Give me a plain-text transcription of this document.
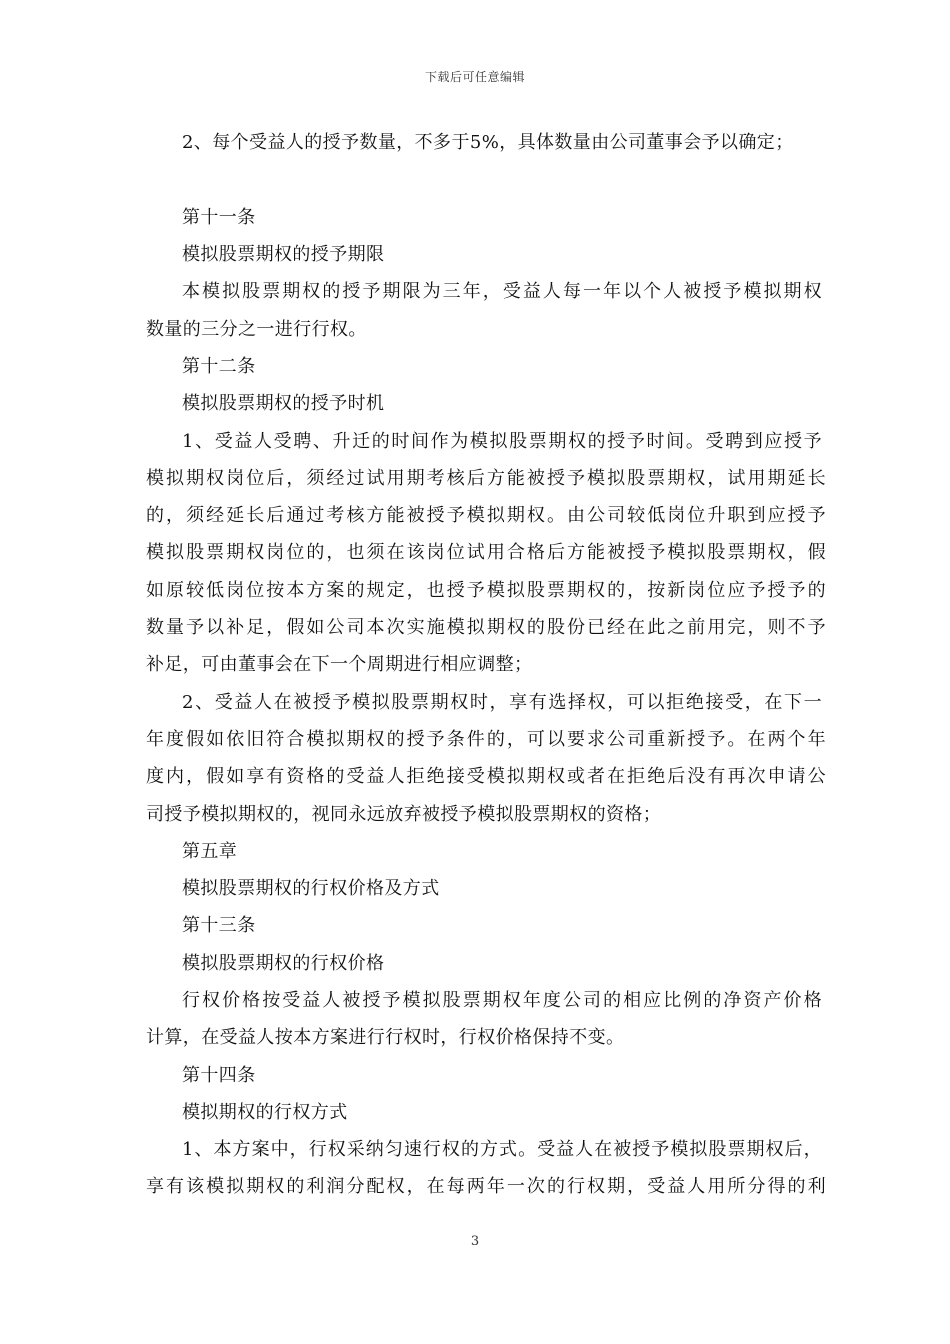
下载后可任意编辑
2、每个受益人的授予数量，不多于5%，具体数量由公司董事会予以确定；
第十一条
模拟股票期权的授予期限
本模拟股票期权的授予期限为三年，受益人每一年以个人被授予模拟期权
数量的三分之一进行行权。
第十二条
模拟股票期权的授予时机
1、受益人受聘、升迁的时间作为模拟股票期权的授予时间。受聘到应授予
模拟期权岗位后，须经过试用期考核后方能被授予模拟股票期权，试用期延长
的，须经延长后通过考核方能被授予模拟期权。由公司较低岗位升职到应授予
模拟股票期权岗位的，也须在该岗位试用合格后方能被授予模拟股票期权，假
如原较低岗位按本方案的规定，也授予模拟股票期权的，按新岗位应予授予的
数量予以补足，假如公司本次实施模拟期权的股份已经在此之前用完，则不予
补足，可由董事会在下一个周期进行相应调整；
2、受益人在被授予模拟股票期权时，享有选择权，可以拒绝接受，在下一
年度假如依旧符合模拟期权的授予条件的，可以要求公司重新授予。在两个年
度内，假如享有资格的受益人拒绝接受模拟期权或者在拒绝后没有再次申请公
司授予模拟期权的，视同永远放弃被授予模拟股票期权的资格；
第五章
模拟股票期权的行权价格及方式
第十三条
模拟股票期权的行权价格
行权价格按受益人被授予模拟股票期权年度公司的相应比例的净资产价格
计算，在受益人按本方案进行行权时，行权价格保持不变。
第十四条
模拟期权的行权方式
1、本方案中，行权采纳匀速行权的方式。受益人在被授予模拟股票期权后，
享有该模拟期权的利润分配权，在每两年一次的行权期，受益人用所分得的利
3
